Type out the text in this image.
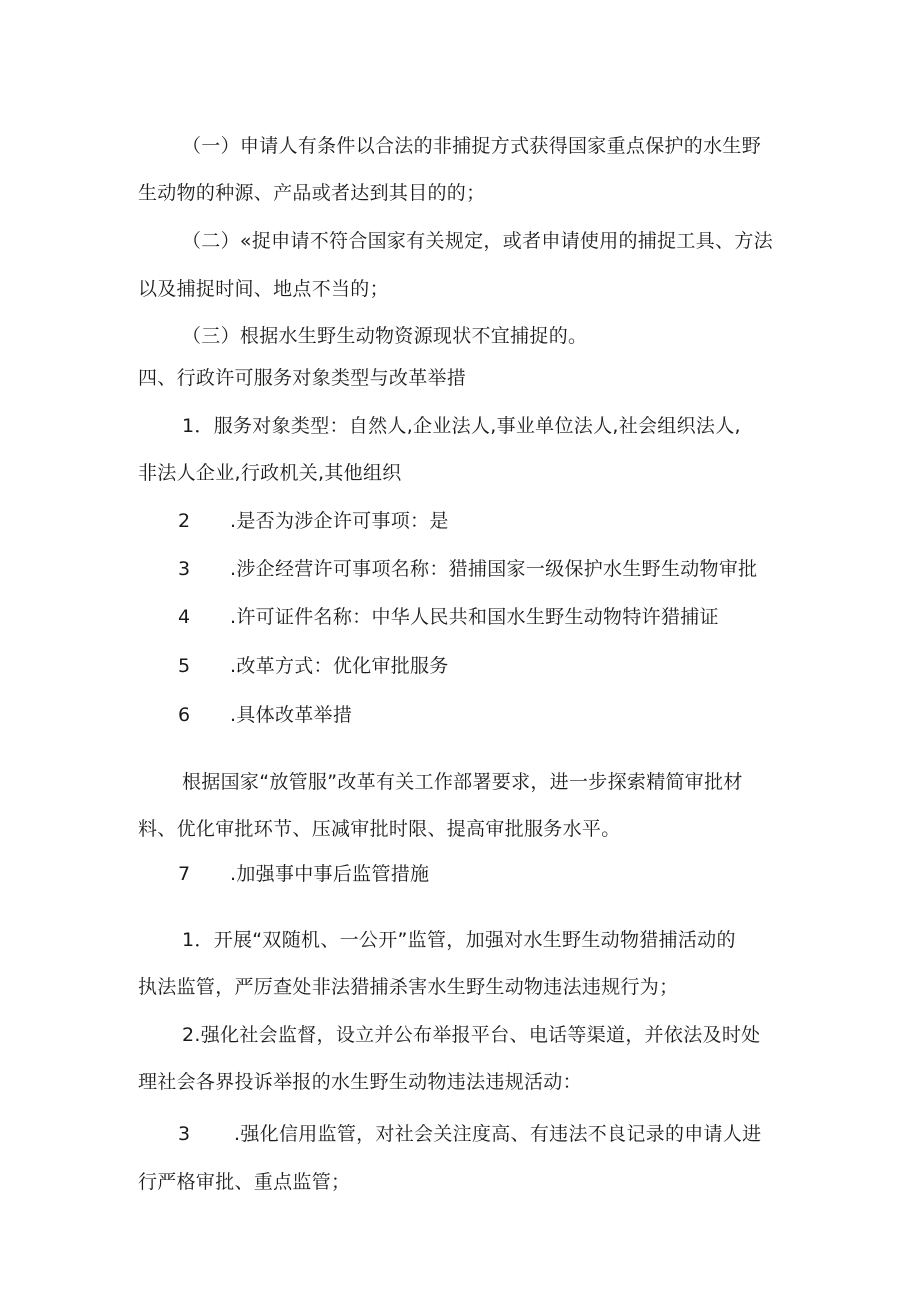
（一）申请人有条件以合法的非捕捉方式获得国家重点保护的水生野
生动物的种源、产品或者达到其目的的；
（二）«捉申请不符合国家有关规定，或者申请使用的捕捉工具、方法
以及捕捉时间、地点不当的；
（三）根据水生野生动物资源现状不宜捕捉的。
四、行政许可服务对象类型与改革举措
1．服务对象类型：自然人,企业法人,事业单位法人,社会组织法人,
非法人企业,行政机关,其他组织
2 .是否为涉企许可事项：是
3 .涉企经营许可事项名称：猎捕国家一级保护水生野生动物审批
4 .许可证件名称：中华人民共和国水生野生动物特许猎捕证
5 .改革方式：优化审批服务
6 .具体改革举措
根据国家“放管服”改革有关工作部署要求，进一步探索精简审批材
料、优化审批环节、压减审批时限、提高审批服务水平。
7 .加强事中事后监管措施
1．开展“双随机、一公开”监管，加强对水生野生动物猎捕活动的
执法监管，严厉查处非法猎捕杀害水生野生动物违法违规行为；
2.强化社会监督，设立并公布举报平台、电话等渠道，并依法及时处
理社会各界投诉举报的水生野生动物违法违规活动：
3 .强化信用监管，对社会关注度高、有违法不良记录的申请人进
行严格审批、重点监管；
